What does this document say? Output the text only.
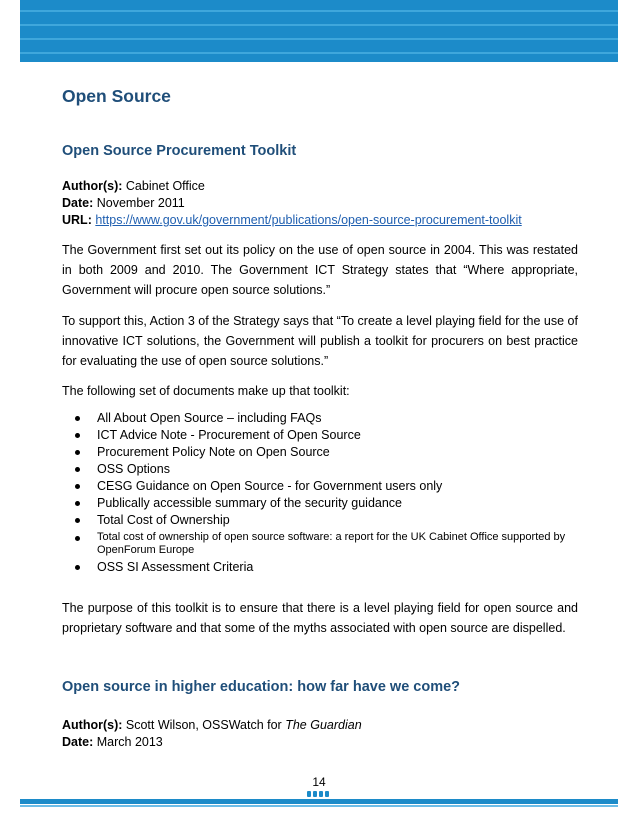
Open Source
Open Source Procurement Toolkit
Author(s): Cabinet Office
Date: November 2011
URL: https://www.gov.uk/government/publications/open-source-procurement-toolkit

The Government first set out its policy on the use of open source in 2004. This was restated in both 2009 and 2010. The Government ICT Strategy states that “Where appropriate, Government will procure open source solutions.”

To support this, Action 3 of the Strategy says that “To create a level playing field for the use of innovative ICT solutions, the Government will publish a toolkit for procurers on best practice for evaluating the use of open source solutions.”

The following set of documents make up that toolkit:

All About Open Source – including FAQs
ICT Advice Note - Procurement of Open Source
Procurement Policy Note on Open Source
OSS Options
CESG Guidance on Open Source - for Government users only
Publically accessible summary of the security guidance
Total Cost of Ownership
Total cost of ownership of open source software: a report for the UK Cabinet Office supported by OpenForum Europe
OSS SI Assessment Criteria

The purpose of this toolkit is to ensure that there is a level playing field for open source and proprietary software and that some of the myths associated with open source are dispelled.

Open source in higher education: how far have we come?
Author(s): Scott Wilson, OSSWatch for The Guardian
Date: March 2013
14
